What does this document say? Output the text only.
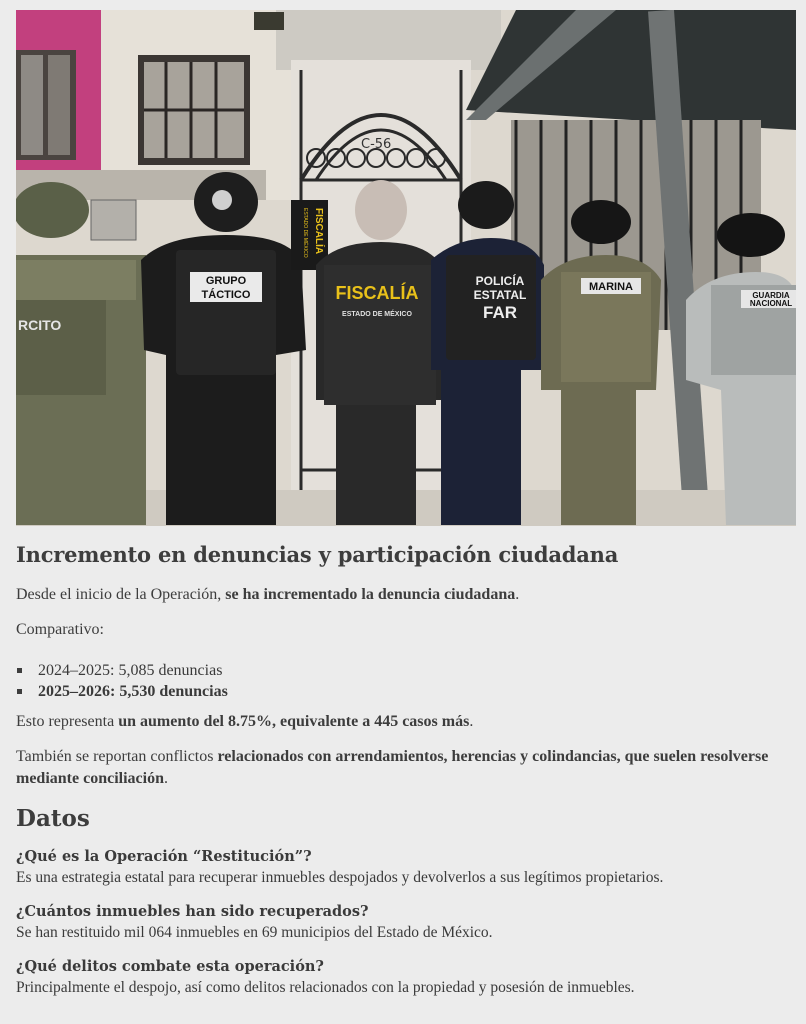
C-56
RCITO
GRUPO
TÁCTICO
FISCALÍA
ESTADO DE MÉXICO
FISCALÍA
ESTADO DE MÉXICO
POLICÍA
ESTATAL
FAR
MARINA
GUARDIA
NACIONAL
Incremento en denuncias y participación ciudadana

Desde el inicio de la Operación, se ha incrementado la denuncia ciudadana.

Comparativo:

2024–2025: 5,085 denuncias
2025–2026: 5,530 denuncias

Esto representa un aumento del 8.75%, equivalente a 445 casos más.

También se reportan conflictos relacionados con arrendamientos, herencias y colindancias, que suelen resolverse mediante conciliación.

Datos
¿Qué es la Operación “Restitución”?
Es una estrategia estatal para recuperar inmuebles despojados y devolverlos a sus legítimos propietarios.
¿Cuántos inmuebles han sido recuperados?
Se han restituido mil 064 inmuebles en 69 municipios del Estado de México.
¿Qué delitos combate esta operación?
Principalmente el despojo, así como delitos relacionados con la propiedad y posesión de inmuebles.
